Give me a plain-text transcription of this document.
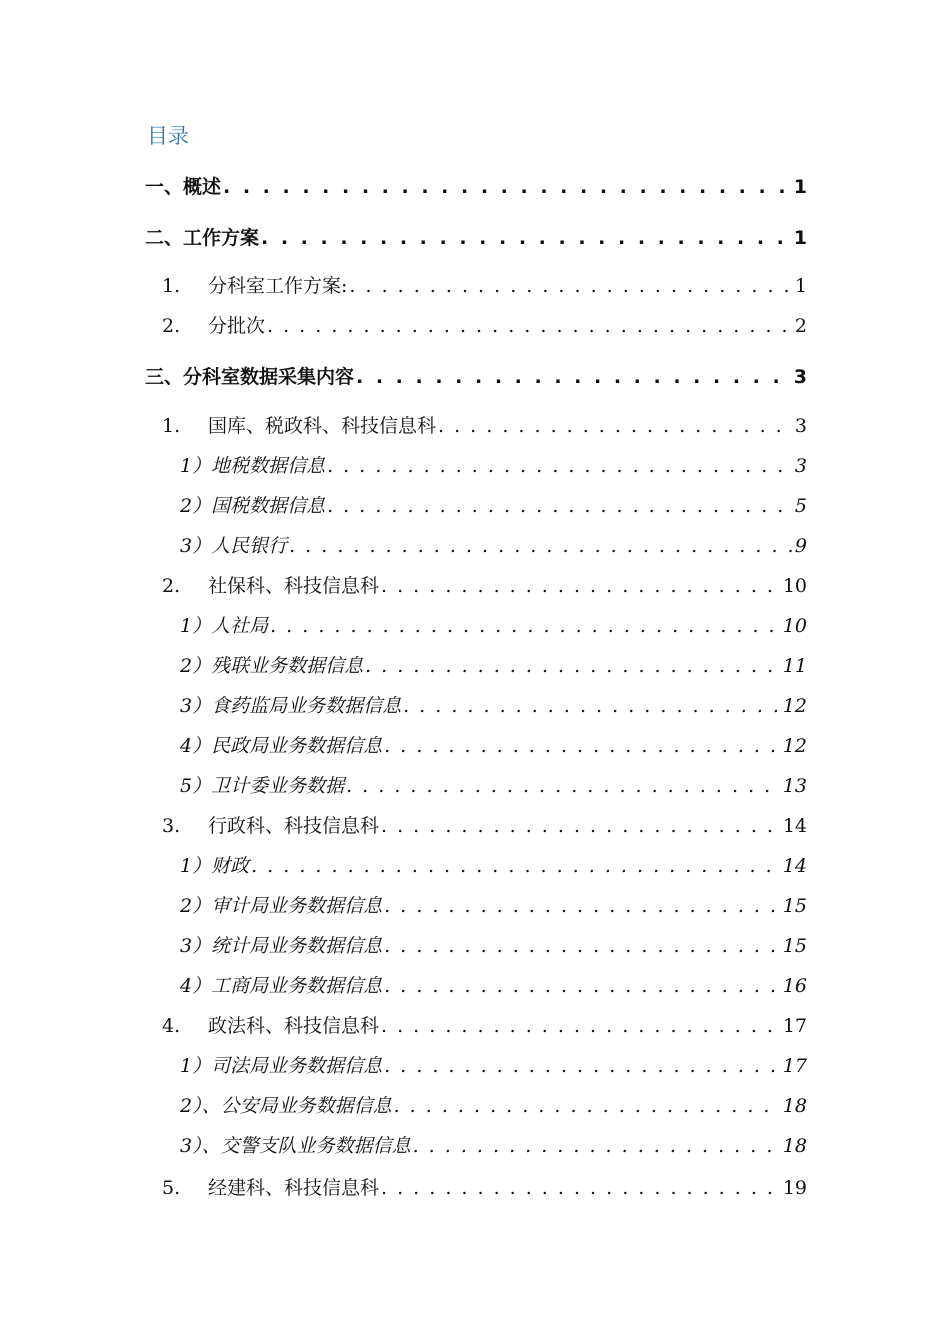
目录
一、概述 . . .	1
二、工作方案 . . .	1
1.	分科室工作方案: . . .	1
2.	分批次 . . .	2
三、分科室数据采集内容 . . .	3
1.	国库、税政科、科技信息科 . . .	3
1）地税数据信息 . . .	3
2）国税数据信息 . . .	5
3）人民银行 . . .	9
2.	社保科、科技信息科 . . .	10
1）人社局 . . .	10
2）残联业务数据信息 . . .	11
3）食药监局业务数据信息 . . .	12
4）民政局业务数据信息 . . .	12
5）卫计委业务数据 . . .	13
3.	行政科、科技信息科 . . .	14
1）财政 . . .	14
2）审计局业务数据信息 . . .	15
3）统计局业务数据信息 . . .	15
4）工商局业务数据信息 . . .	16
4.	政法科、科技信息科 . . .	17
1）司法局业务数据信息 . . .	17
2）、公安局业务数据信息 . . .	18
3）、交警支队业务数据信息 . . .	18
5.	经建科、科技信息科 . . .	19
